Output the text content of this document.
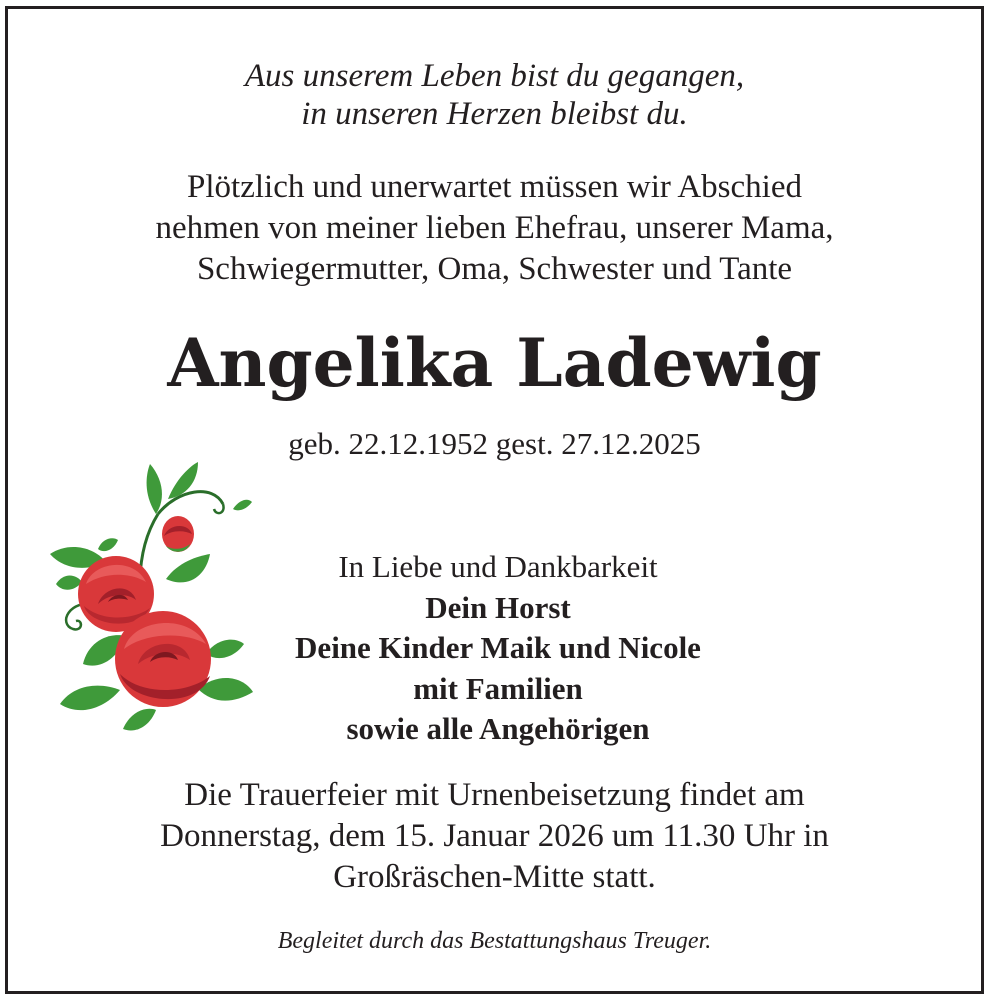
Aus unserem Leben bist du gegangen,
in unseren Herzen bleibst du.
Plötzlich und unerwartet müssen wir Abschied
nehmen von meiner lieben Ehefrau, unserer Mama,
Schwiegermutter, Oma, Schwester und Tante
Angelika Ladewig
geb. 22.12.1952 gest. 27.12.2025
In Liebe und Dankbarkeit
Dein Horst
Deine Kinder Maik und Nicole
mit Familien
sowie alle Angehörigen
Die Trauerfeier mit Urnenbeisetzung findet am
Donnerstag, dem 15. Januar 2026 um 11.30 Uhr in
Großräschen-Mitte statt.
Begleitet durch das Bestattungshaus Treuger.
